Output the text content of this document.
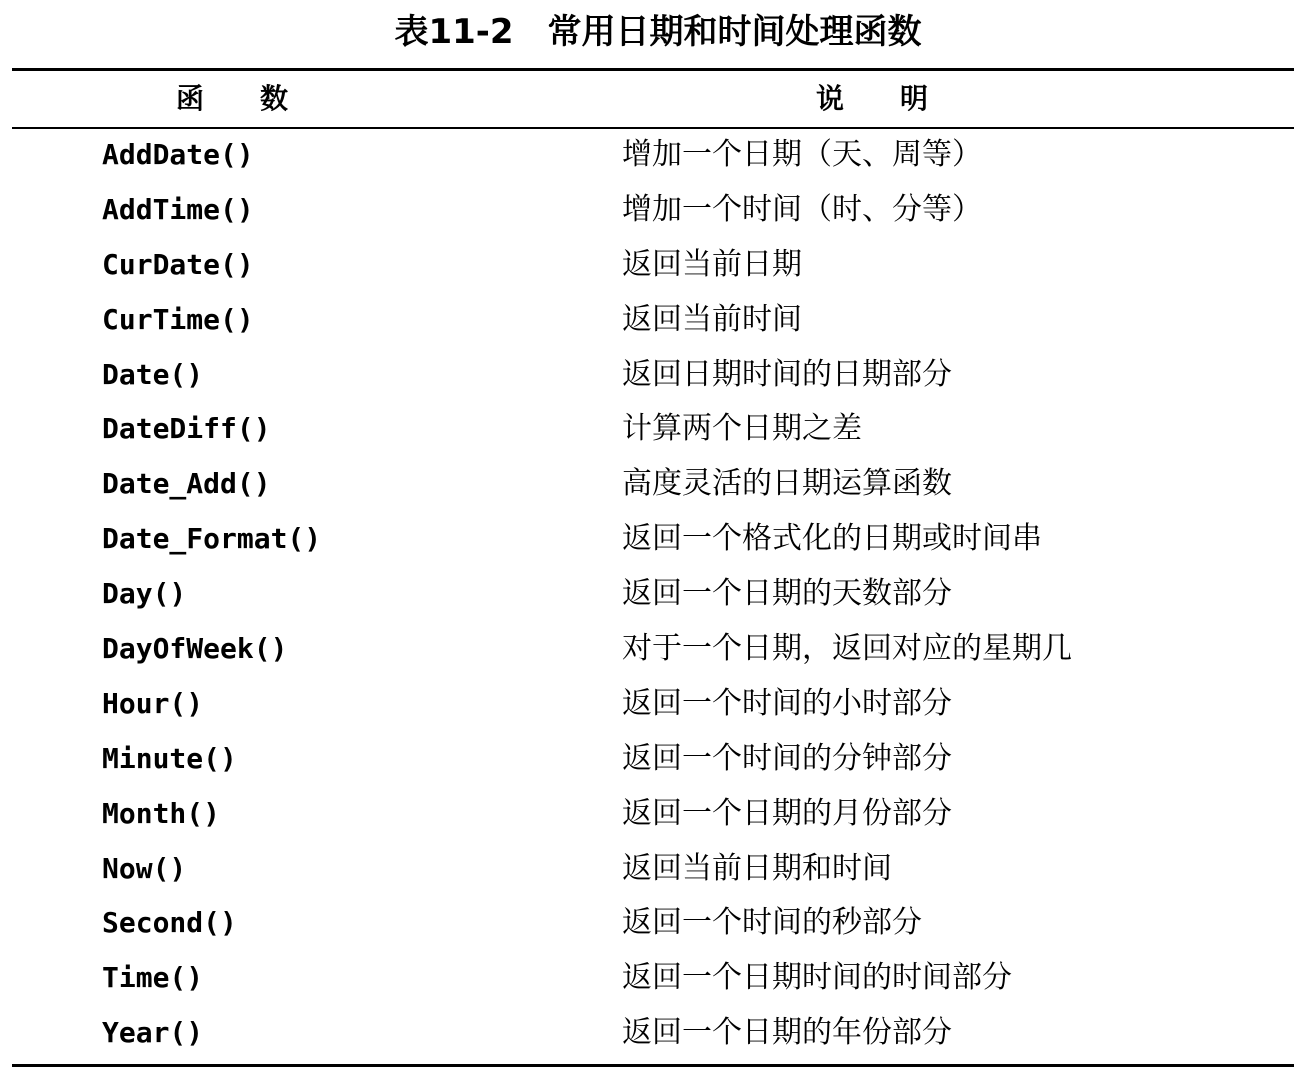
表11-2　常用日期和时间处理函数
函　　数	说　　明
AddDate()	增加一个日期（天、周等）
AddTime()	增加一个时间（时、分等）
CurDate()	返回当前日期
CurTime()	返回当前时间
Date()	返回日期时间的日期部分
DateDiff()	计算两个日期之差
Date_Add()	高度灵活的日期运算函数
Date_Format()	返回一个格式化的日期或时间串
Day()	返回一个日期的天数部分
DayOfWeek()	对于一个日期，返回对应的星期几
Hour()	返回一个时间的小时部分
Minute()	返回一个时间的分钟部分
Month()	返回一个日期的月份部分
Now()	返回当前日期和时间
Second()	返回一个时间的秒部分
Time()	返回一个日期时间的时间部分
Year()	返回一个日期的年份部分
